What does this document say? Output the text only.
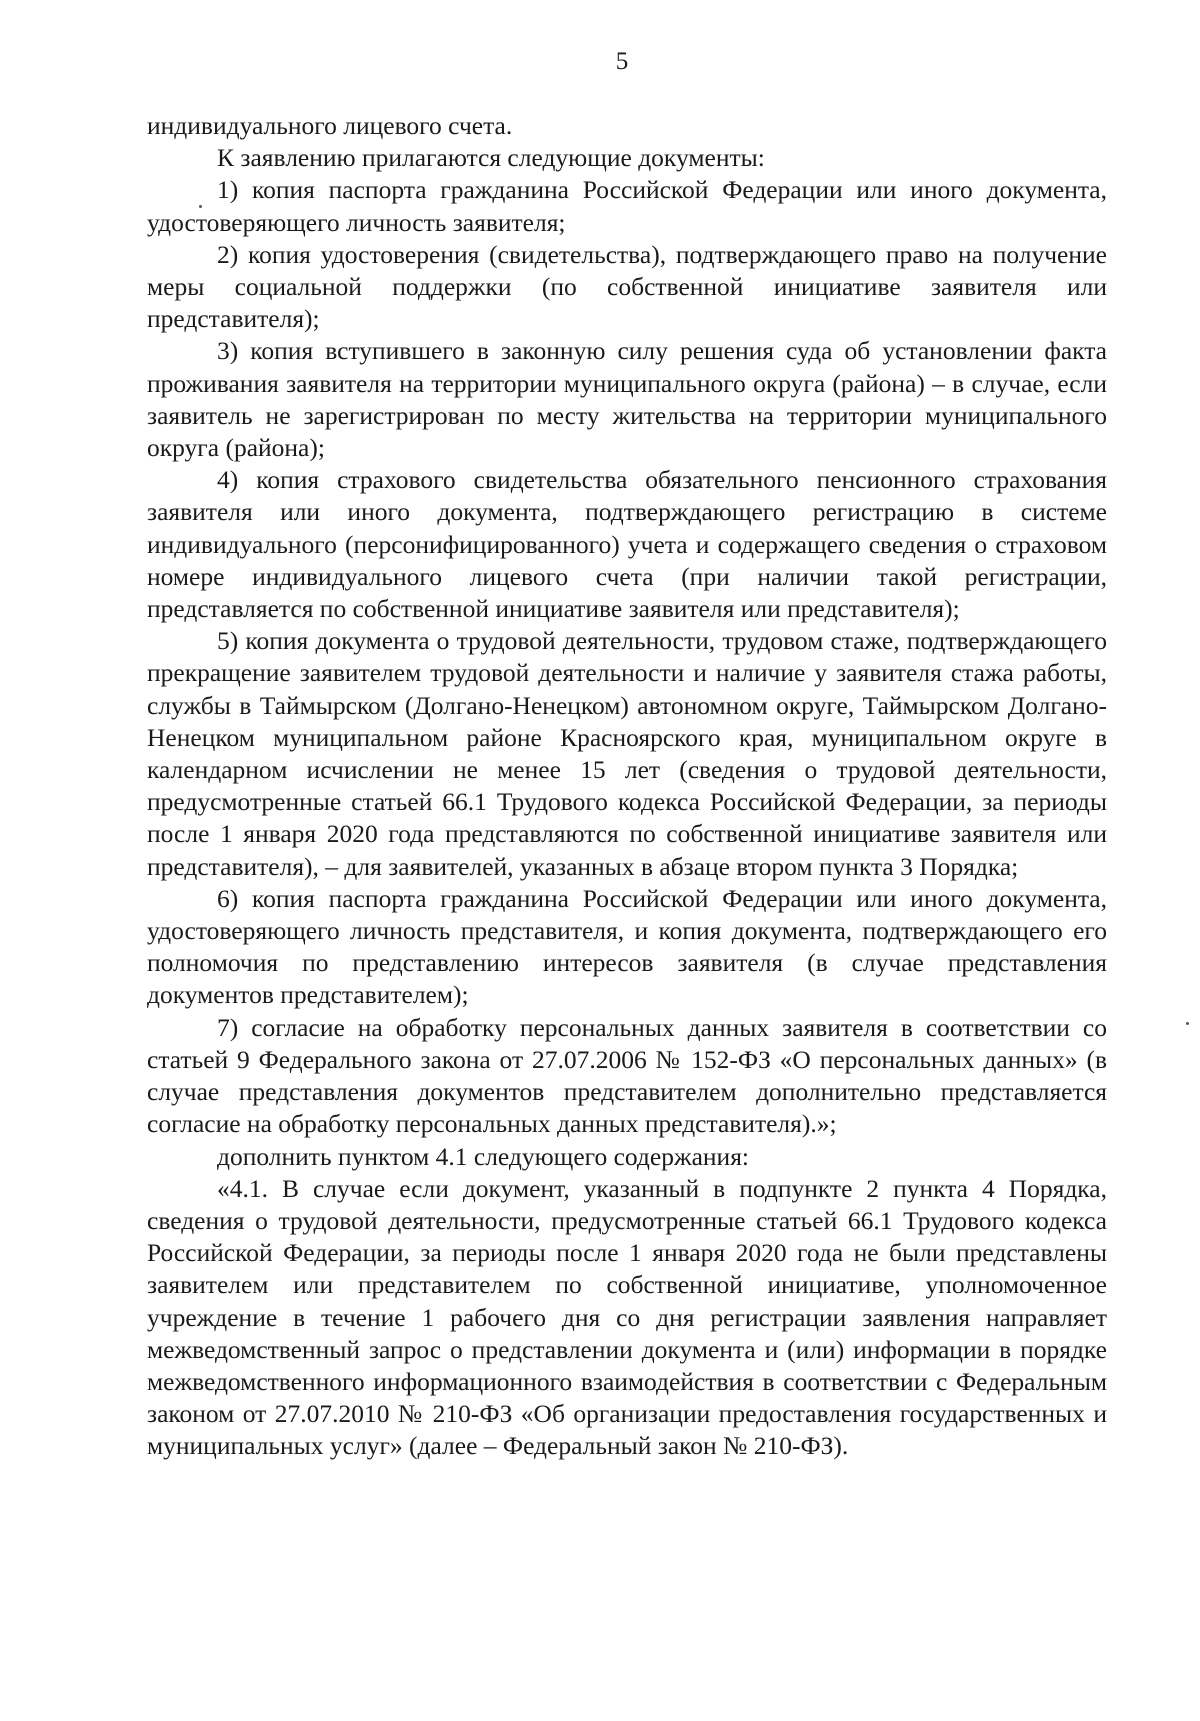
5

индивидуального лицевого счета.

К заявлению прилагаются следующие документы:

1) копия паспорта гражданина Российской Федерации или иного документа, удостоверяющего личность заявителя;

2) копия удостоверения (свидетельства), подтверждающего право на получение меры социальной поддержки (по собственной инициативе заявителя или представителя);

3) копия вступившего в законную силу решения суда об установлении факта проживания заявителя на территории муниципального округа (района) – в случае, если заявитель не зарегистрирован по месту жительства на территории муниципального округа (района);

4) копия страхового свидетельства обязательного пенсионного страхования заявителя или иного документа, подтверждающего регистрацию в системе индивидуального (персонифицированного) учета и содержащего сведения о страховом номере индивидуального лицевого счета (при наличии такой регистрации, представляется по собственной инициативе заявителя или представителя);

5) копия документа о трудовой деятельности, трудовом стаже, подтверждающего прекращение заявителем трудовой деятельности и наличие у заявителя стажа работы, службы в Таймырском (Долгано-Ненецком) автономном округе, Таймырском Долгано-Ненецком муниципальном районе Красноярского края, муниципальном округе в календарном исчислении не менее 15 лет (сведения о трудовой деятельности, предусмотренные статьей 66.1 Трудового кодекса Российской Федерации, за периоды после 1 января 2020 года представляются по собственной инициативе заявителя или представителя), – для заявителей, указанных в абзаце втором пункта 3 Порядка;

6) копия паспорта гражданина Российской Федерации или иного документа, удостоверяющего личность представителя, и копия документа, подтверждающего его полномочия по представлению интересов заявителя (в случае представления документов представителем);

7) согласие на обработку персональных данных заявителя в соответствии со статьей 9 Федерального закона от 27.07.2006 № 152-ФЗ «О персональных данных» (в случае представления документов представителем дополнительно представляется согласие на обработку персональных данных представителя).»;

дополнить пунктом 4.1 следующего содержания:

«4.1. В случае если документ, указанный в подпункте 2 пункта 4 Порядка, сведения о трудовой деятельности, предусмотренные статьей 66.1 Трудового кодекса Российской Федерации, за периоды после 1 января 2020 года не были представлены заявителем или представителем по собственной инициативе, уполномоченное учреждение в течение 1 рабочего дня со дня регистрации заявления направляет межведомственный запрос о представлении документа и (или) информации в порядке межведомственного информационного взаимодействия в соответствии с Федеральным законом от 27.07.2010 № 210-ФЗ «Об организации предоставления государственных и муниципальных услуг» (далее – Федеральный закон № 210-ФЗ).
